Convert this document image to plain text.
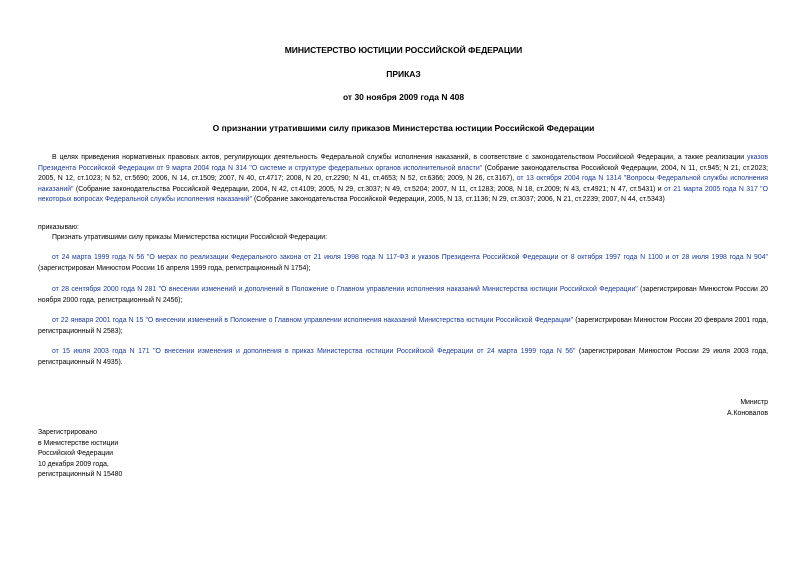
МИНИСТЕРСТВО ЮСТИЦИИ РОССИЙСКОЙ ФЕДЕРАЦИИ

ПРИКАЗ

от 30 ноября 2009 года N 408

О признании утратившими силу приказов Министерства юстиции Российской Федерации

В целях приведения нормативных правовых актов, регулирующих деятельность Федеральной службы исполнения наказаний, в соответствие с законодательством Российской Федерации, а также реализации указов Президента Российской Федерации от 9 марта 2004 года N 314 "О системе и структуре федеральных органов исполнительной власти" (Собрание законодательства Российской Федерации, 2004, N 11, ст.945; N 21, ст.2023; 2005, N 12, ст.1023; N 52, ст.5690; 2006, N 14, ст.1509; 2007, N 40, ст.4717; 2008, N 20, ст.2290; N 41, ст.4653; N 52, ст.6366; 2009, N 26, ст.3167), от 13 октября 2004 года N 1314 "Вопросы Федеральной службы исполнения наказаний" (Собрание законодательства Российской Федерации, 2004, N 42, ст.4109; 2005, N 29, ст.3037; N 49, ст.5204; 2007, N 11, ст.1283; 2008, N 18, ст.2009; N 43, ст.4921; N 47, ст.5431) и от 21 марта 2005 года N 317 "О некоторых вопросах Федеральной службы исполнения наказаний" (Собрание законодательства Российской Федерации, 2005, N 13, ст.1136; N 29, ст.3037; 2006, N 21, ст.2239; 2007, N 44, ст.5343)

приказываю:

Признать утратившими силу приказы Министерства юстиции Российской Федерации:

от 24 марта 1999 года N 56 "О мерах по реализации Федерального закона от 21 июля 1998 года N 117-ФЗ и указов Президента Российской Федерации от 8 октября 1997 года N 1100 и от 28 июля 1998 года N 904" (зарегистрирован Минюстом России 16 апреля 1999 года, регистрационный N 1754);

от 28 сентября 2000 года N 281 "О внесении изменений и дополнений в Положение о Главном управлении исполнения наказаний Министерства юстиции Российской Федерации" (зарегистрирован Минюстом России 20 ноября 2000 года, регистрационный N 2456);

от 22 января 2001 года N 15 "О внесении изменений в Положение о Главном управлении исполнения наказаний Министерства юстиции Российской Федерации" (зарегистрирован Минюстом России 20 февраля 2001 года, регистрационный N 2583);

от 15 июля 2003 года N 171 "О внесении изменения и дополнения в приказ Министерства юстиции Российской Федерации от 24 марта 1999 года N 56" (зарегистрирован Минюстом России 29 июля 2003 года, регистрационный N 4935).

Министр

А.Коновалов

Зарегистрировано
в Министерстве юстиции
Российской Федерации
10 декабря 2009 года,
регистрационный N 15480
